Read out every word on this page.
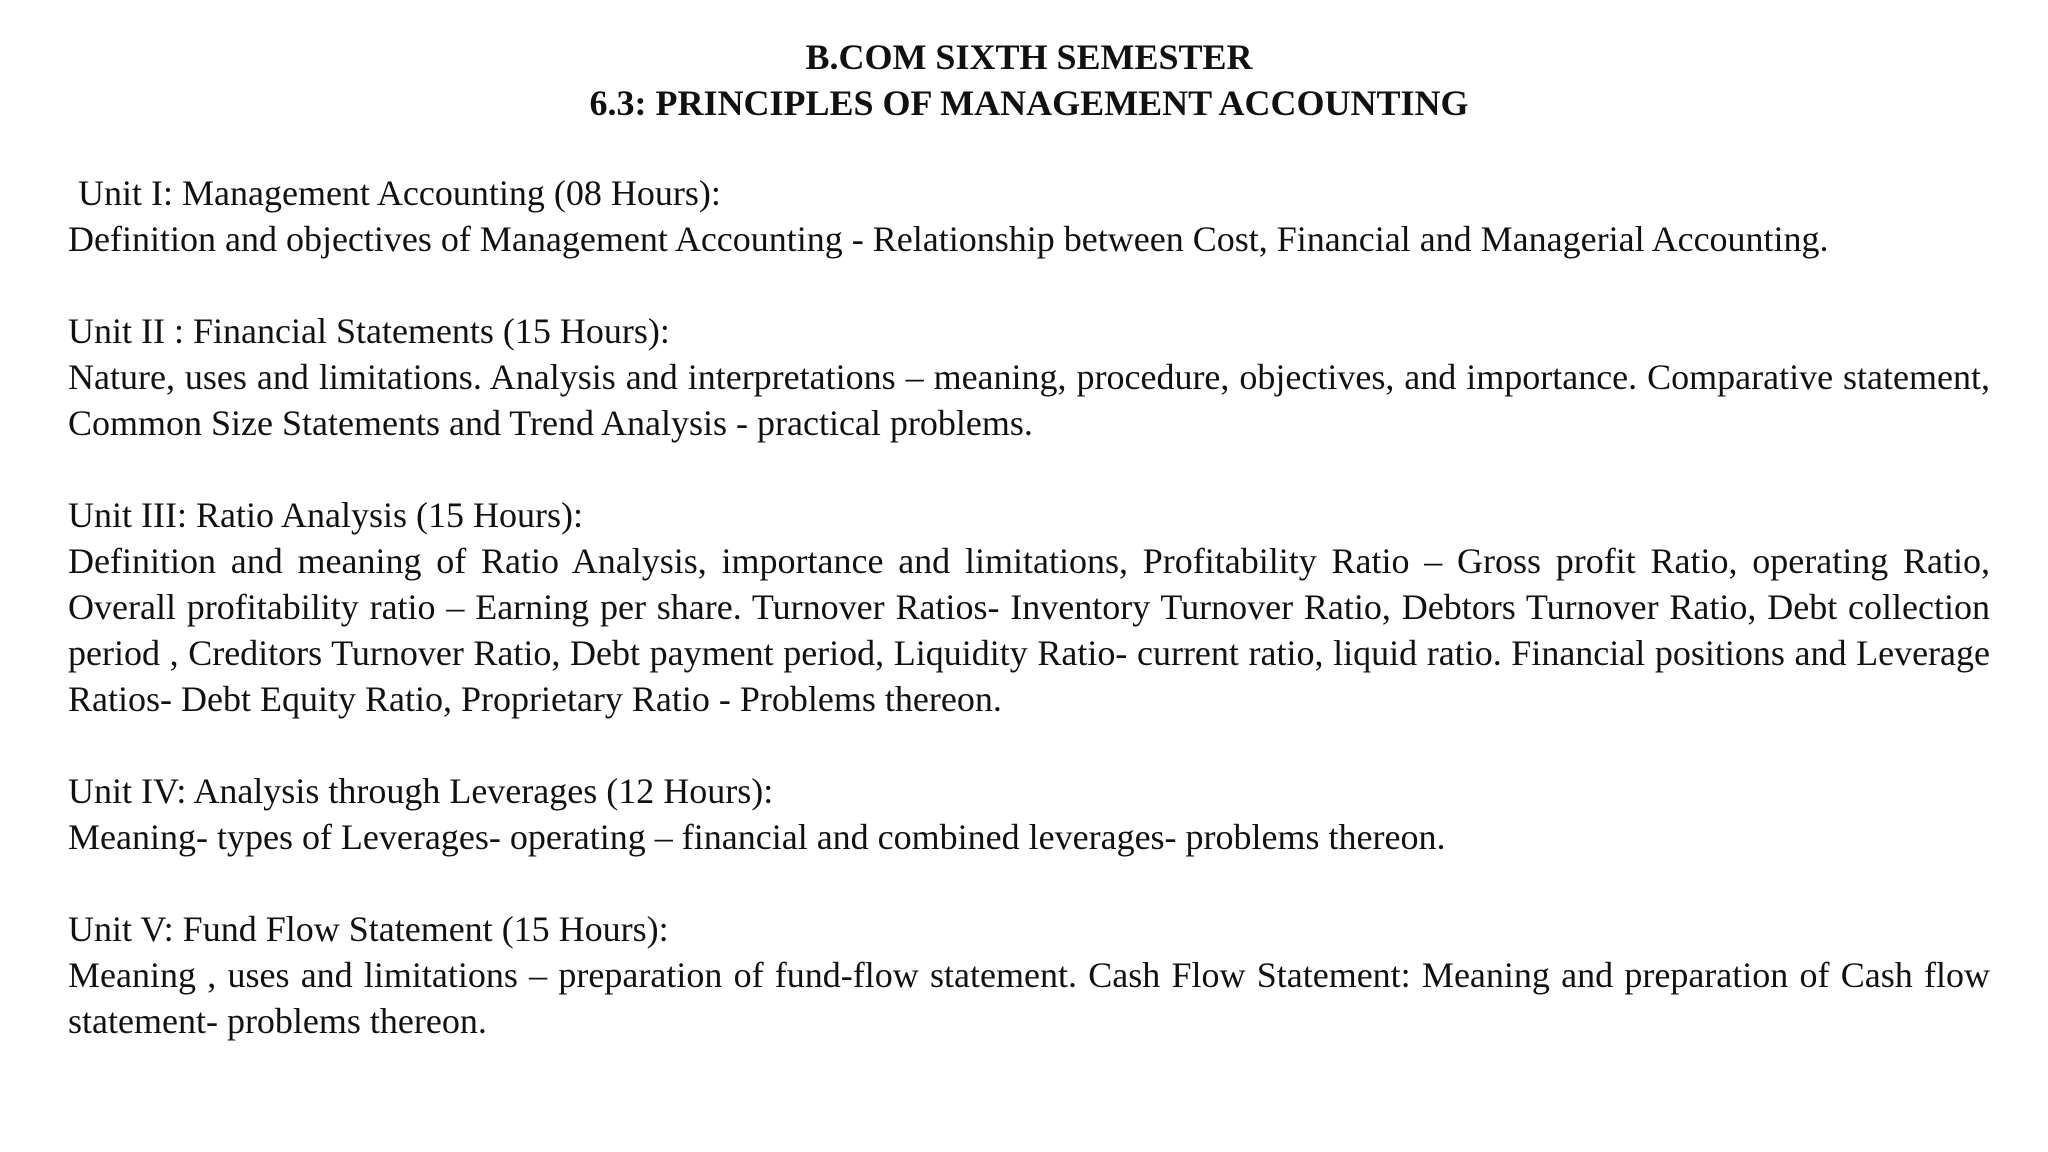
B.COM SIXTH SEMESTER
6.3: PRINCIPLES OF MANAGEMENT ACCOUNTING
Unit I: Management Accounting (08 Hours):
Definition and objectives of Management Accounting - Relationship between Cost, Financial and Managerial Accounting.
Unit II : Financial Statements (15 Hours):
Nature, uses and limitations. Analysis and interpretations – meaning, procedure, objectives, and importance. Comparative statement, Common Size Statements and Trend Analysis - practical problems.
Unit III: Ratio Analysis (15 Hours):
Definition and meaning of Ratio Analysis, importance and limitations, Profitability Ratio – Gross profit Ratio, operating Ratio, Overall profitability ratio – Earning per share. Turnover Ratios- Inventory Turnover Ratio, Debtors Turnover Ratio, Debt collection period , Creditors Turnover Ratio, Debt payment period, Liquidity Ratio- current ratio, liquid ratio. Financial positions and Leverage Ratios- Debt Equity Ratio, Proprietary Ratio - Problems thereon.
Unit IV: Analysis through Leverages (12 Hours):
Meaning- types of Leverages- operating – financial and combined leverages- problems thereon.
Unit V: Fund Flow Statement (15 Hours):
Meaning , uses and limitations – preparation of fund-flow statement. Cash Flow Statement: Meaning and preparation of Cash flow statement- problems thereon.
